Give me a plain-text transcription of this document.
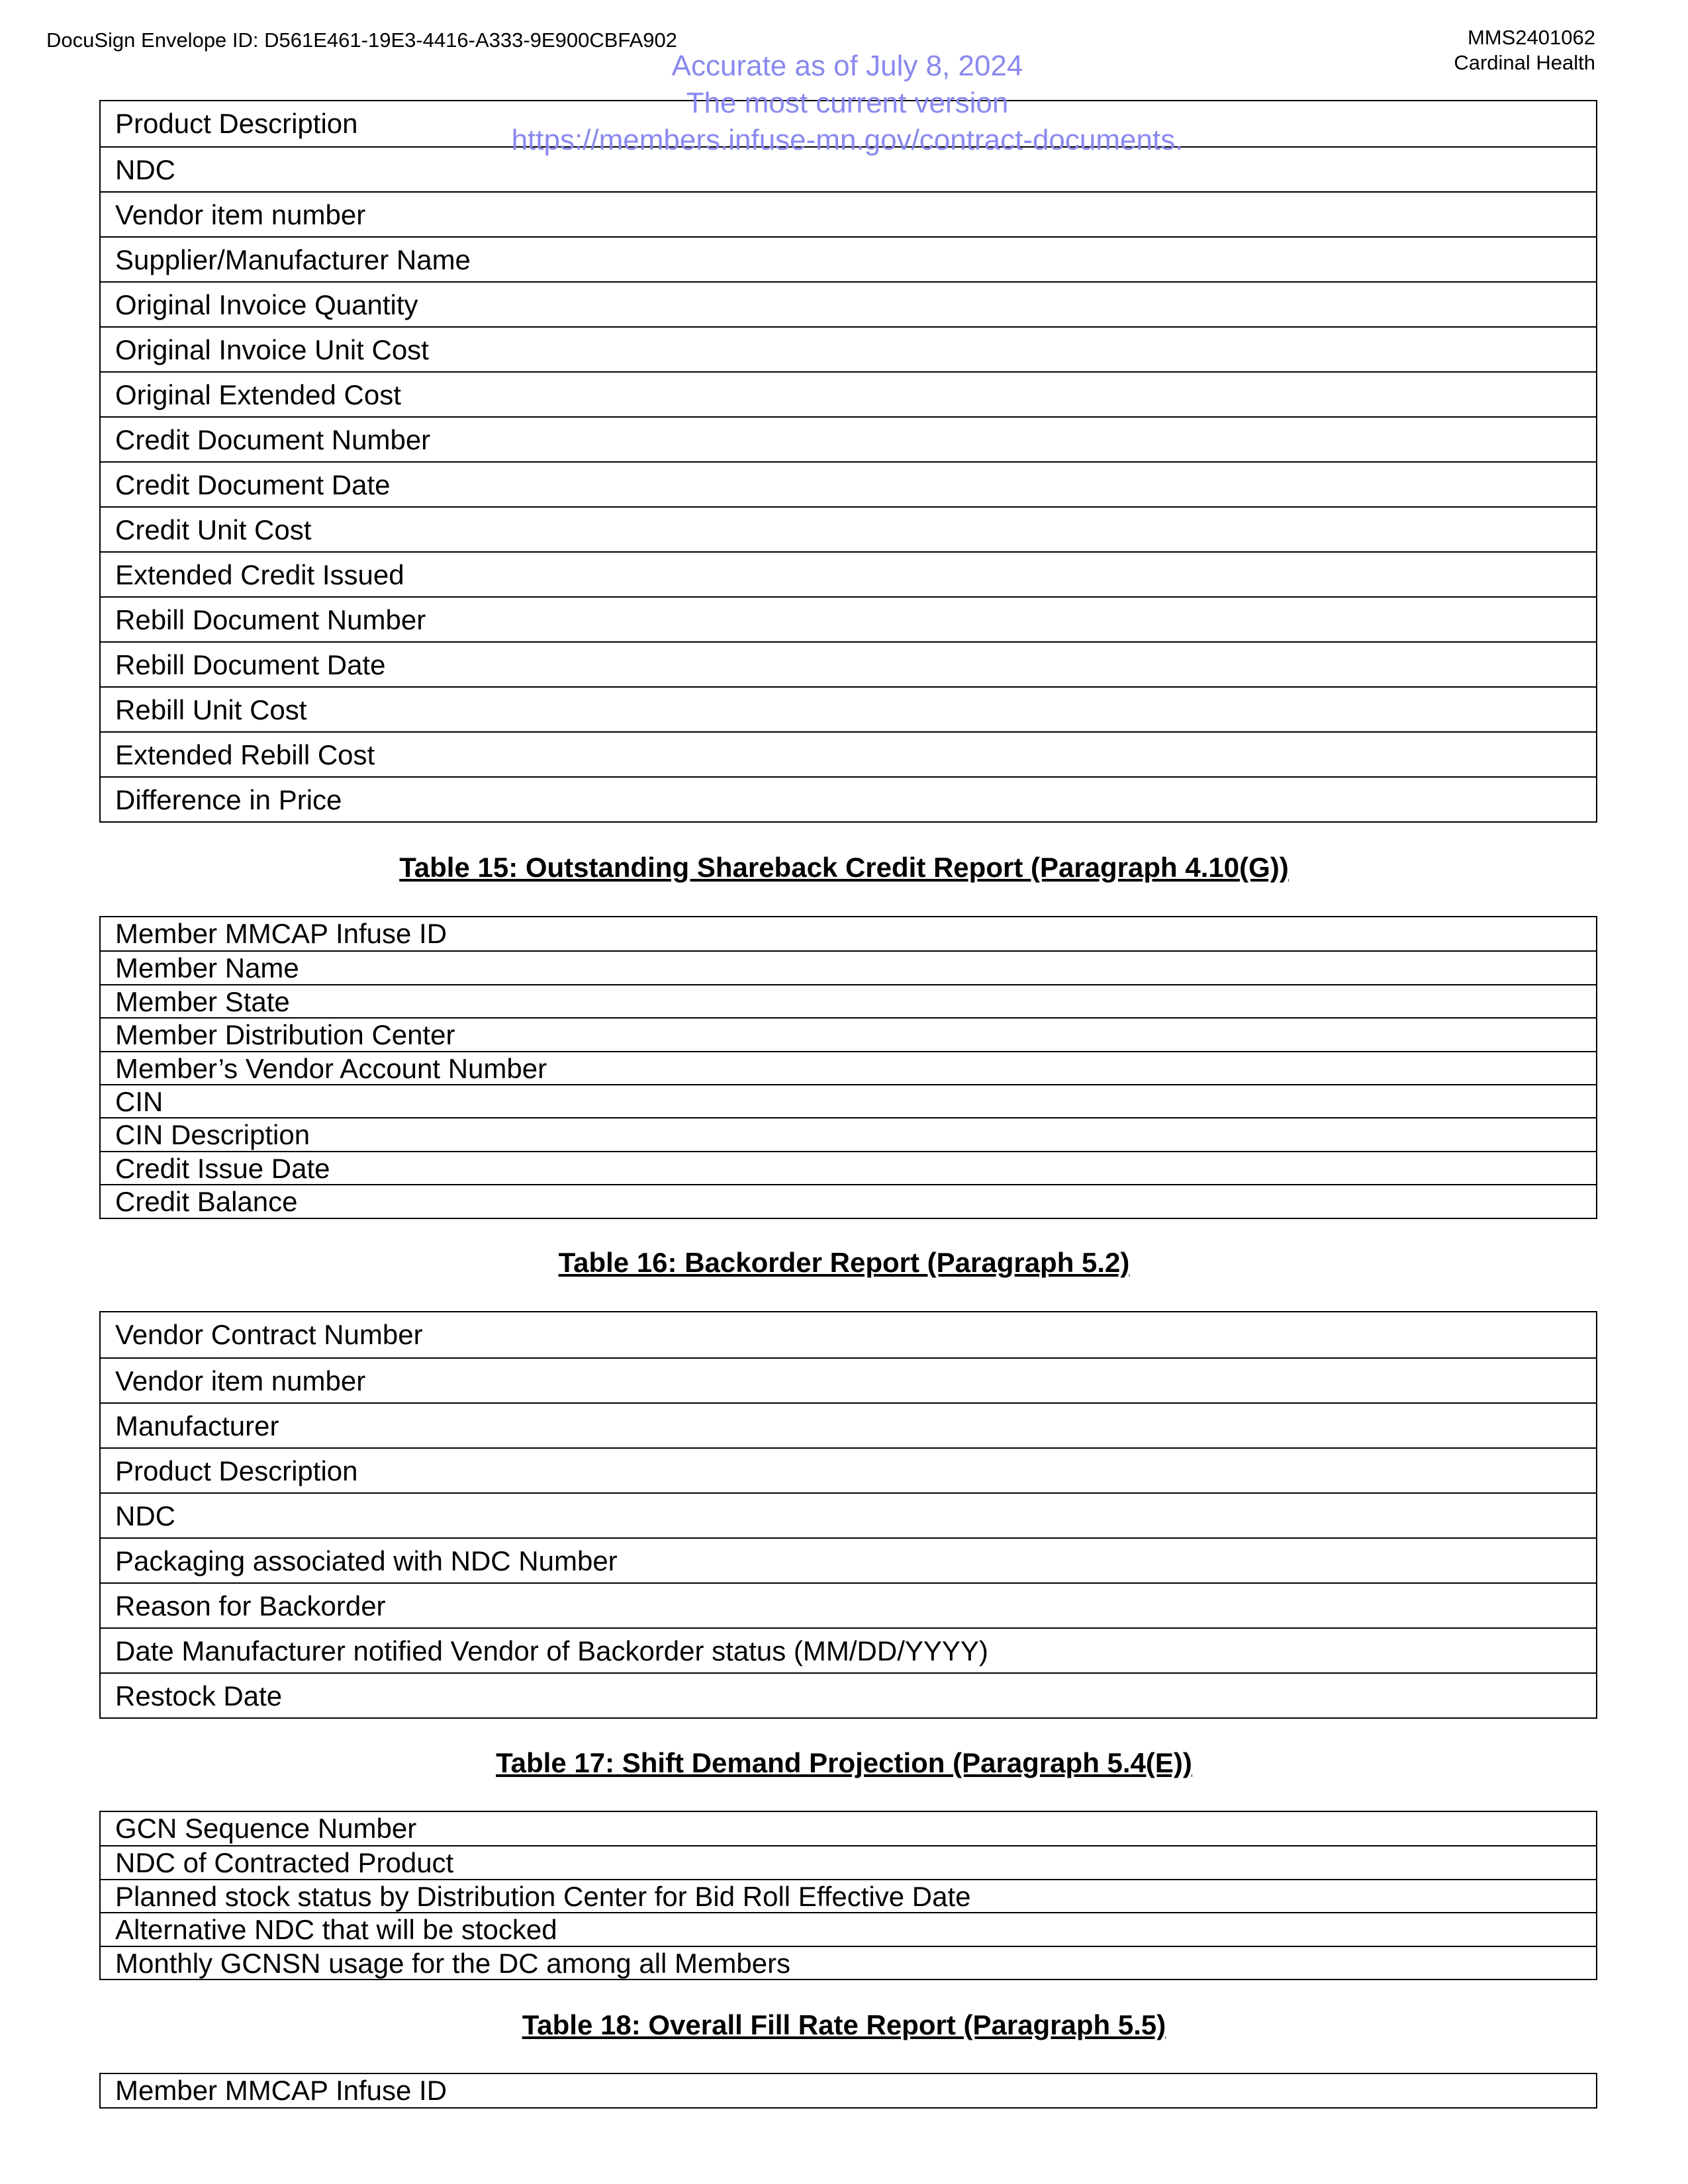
DocuSign Envelope ID: D561E461-19E3-4416-A333-9E900CBFA902	MMS2401062
Cardinal Health
Accurate as of July 8, 2024
The most current version
https://members.infuse-mn.gov/contract-documents.
Product Description
NDC
Vendor item number
Supplier/Manufacturer Name
Original Invoice Quantity
Original Invoice Unit Cost
Original Extended Cost
Credit Document Number
Credit Document Date
Credit Unit Cost
Extended Credit Issued
Rebill Document Number
Rebill Document Date
Rebill Unit Cost
Extended Rebill Cost
Difference in Price
Table 15: Outstanding Shareback Credit Report (Paragraph 4.10(G))
Member MMCAP Infuse ID
Member Name
Member State
Member Distribution Center
Member’s Vendor Account Number
CIN
CIN Description
Credit Issue Date
Credit Balance
Table 16: Backorder Report (Paragraph 5.2)
Vendor Contract Number
Vendor item number
Manufacturer
Product Description
NDC
Packaging associated with NDC Number
Reason for Backorder
Date Manufacturer notified Vendor of Backorder status (MM/DD/YYYY)
Restock Date
Table 17: Shift Demand Projection (Paragraph 5.4(E))
GCN Sequence Number
NDC of Contracted Product
Planned stock status by Distribution Center for Bid Roll Effective Date
Alternative NDC that will be stocked
Monthly GCNSN usage for the DC among all Members
Table 18: Overall Fill Rate Report (Paragraph 5.5)
Member MMCAP Infuse ID
